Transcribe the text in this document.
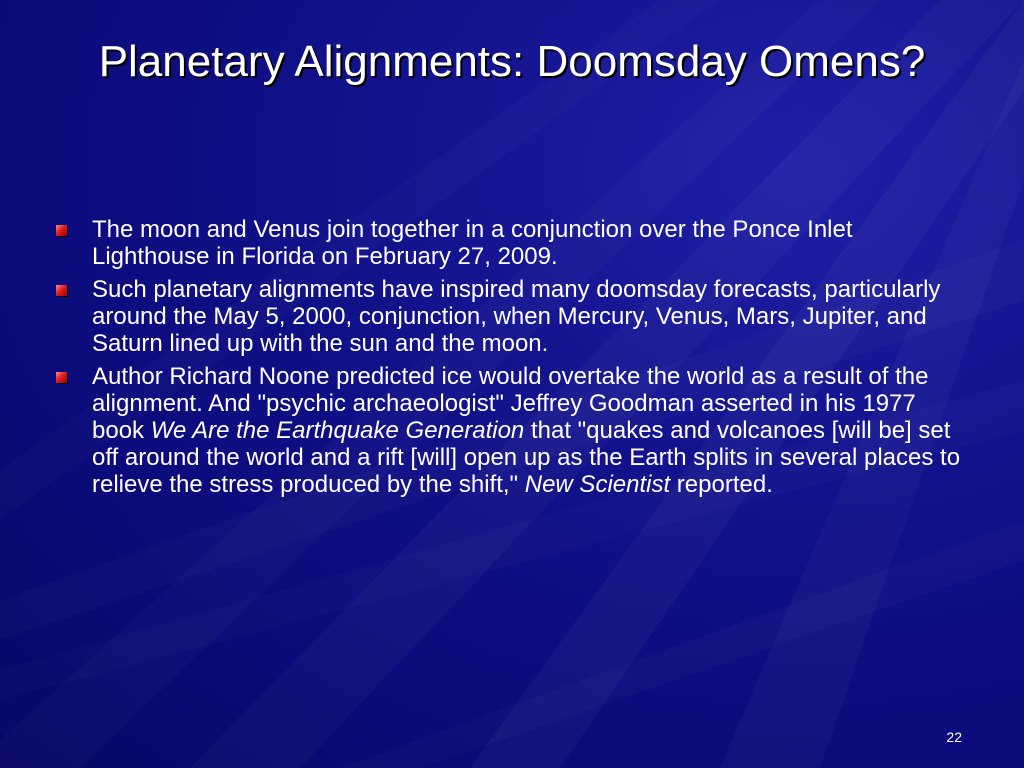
Planetary Alignments: Doomsday Omens?
The moon and Venus join together in a conjunction over the Ponce Inlet Lighthouse in Florida on February 27, 2009.
Such planetary alignments have inspired many doomsday forecasts, particularly around the May 5, 2000, conjunction, when Mercury, Venus, Mars, Jupiter, and Saturn lined up with the sun and the moon.
Author Richard Noone predicted ice would overtake the world as a result of the alignment. And "psychic archaeologist" Jeffrey Goodman asserted in his 1977 book We Are the Earthquake Generation that "quakes and volcanoes [will be] set off around the world and a rift [will] open up as the Earth splits in several places to relieve the stress produced by the shift," New Scientist reported.
22
